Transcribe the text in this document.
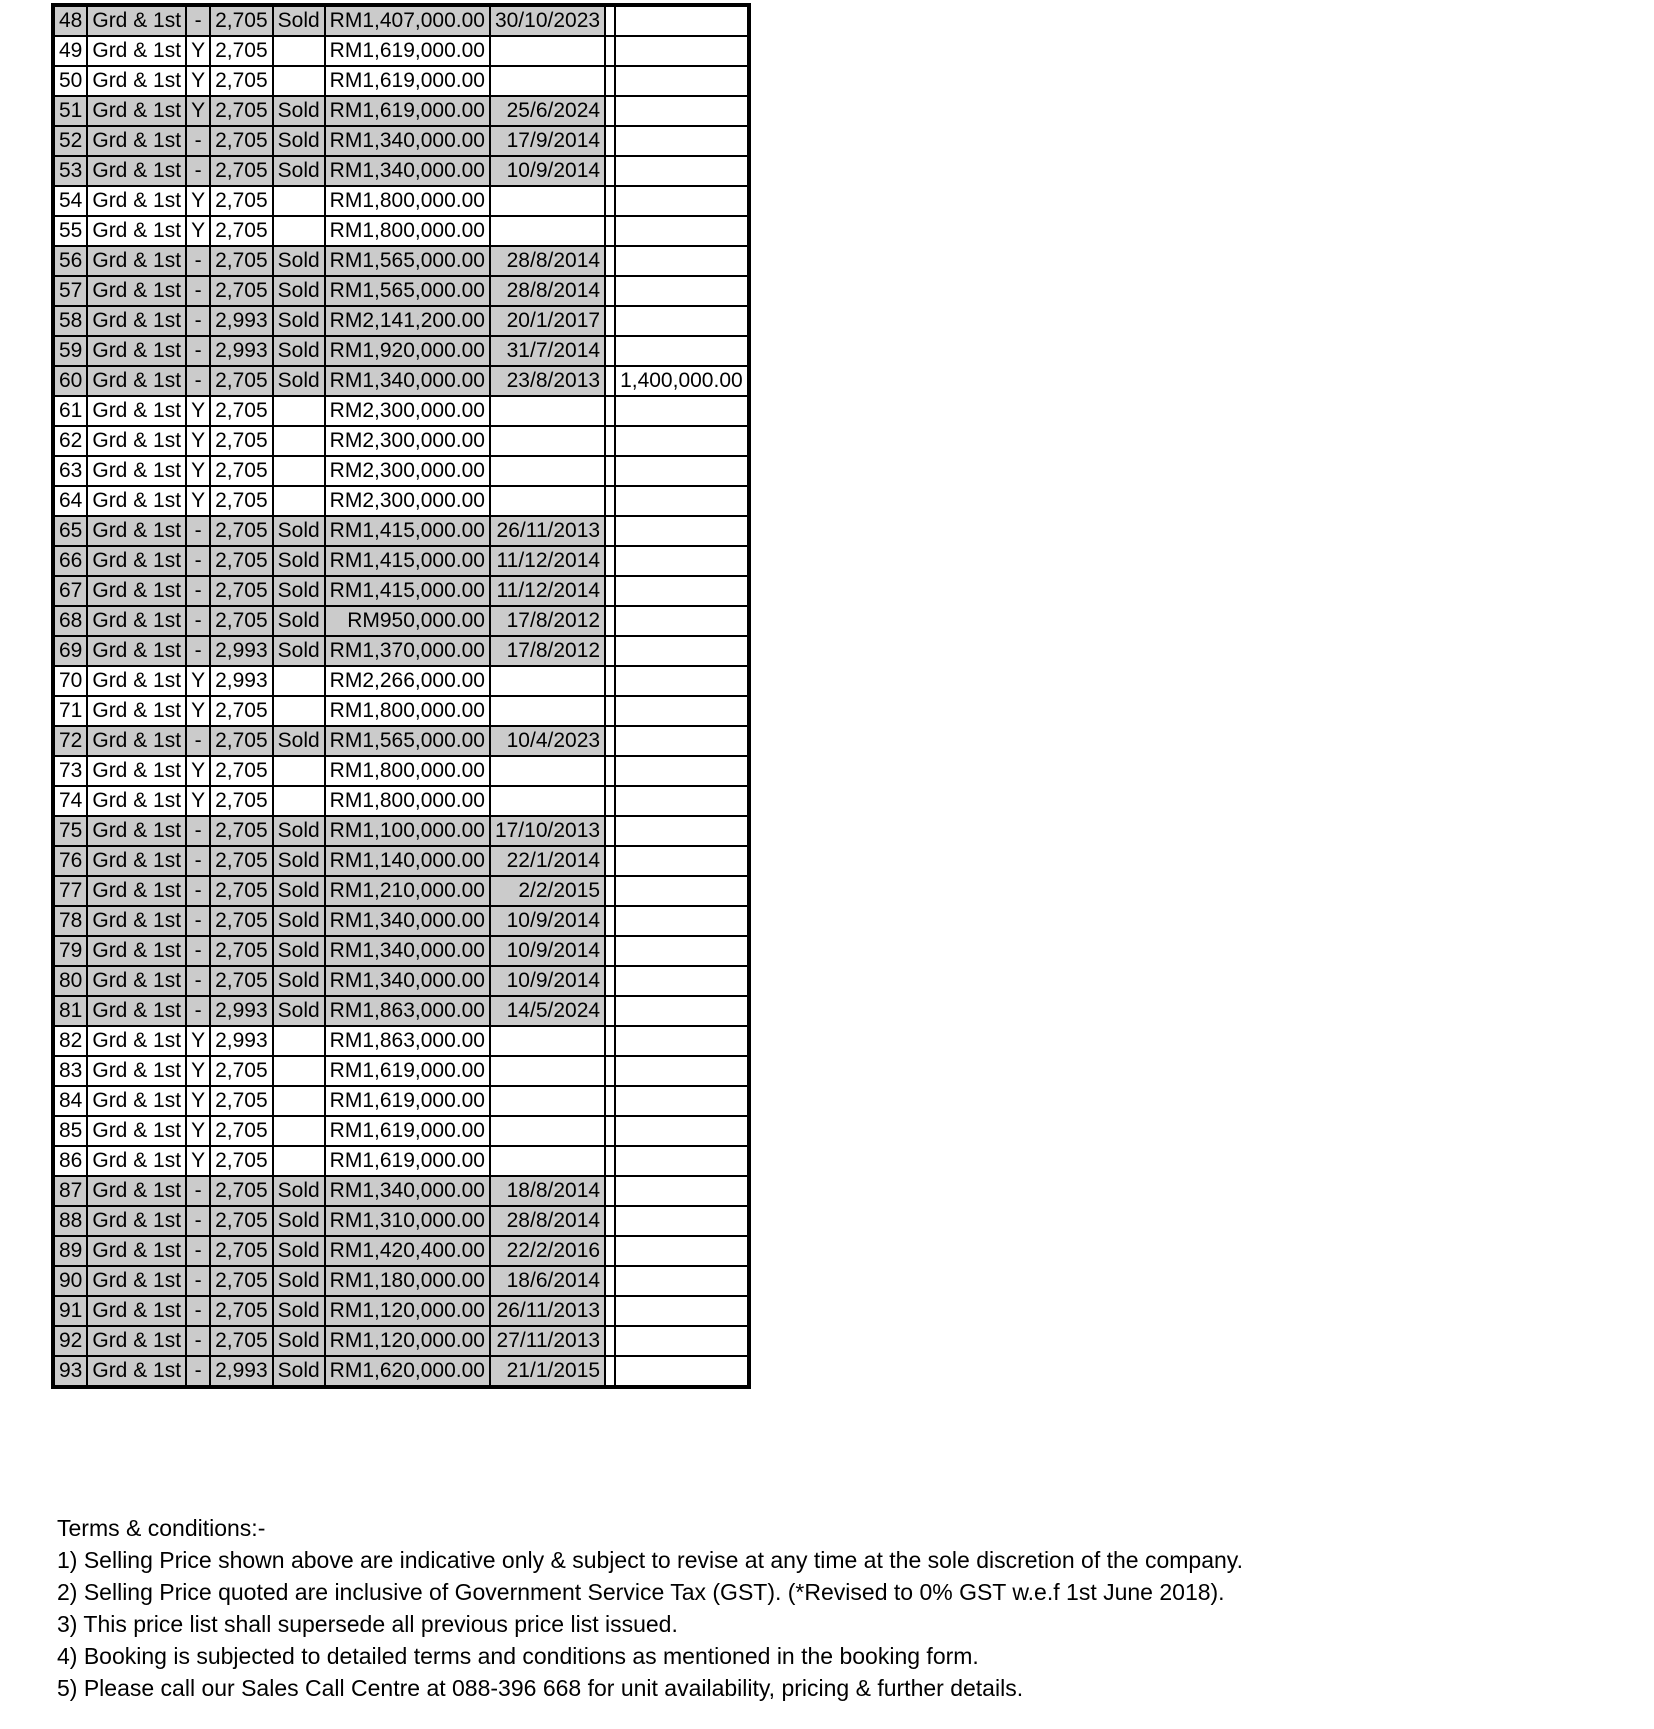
48	Grd & 1st	-	2,705	Sold	RM1,407,000.00	30/10/2023		
49	Grd & 1st	Y	2,705		RM1,619,000.00			
50	Grd & 1st	Y	2,705		RM1,619,000.00			
51	Grd & 1st	Y	2,705	Sold	RM1,619,000.00	25/6/2024		
52	Grd & 1st	-	2,705	Sold	RM1,340,000.00	17/9/2014		
53	Grd & 1st	-	2,705	Sold	RM1,340,000.00	10/9/2014		
54	Grd & 1st	Y	2,705		RM1,800,000.00			
55	Grd & 1st	Y	2,705		RM1,800,000.00			
56	Grd & 1st	-	2,705	Sold	RM1,565,000.00	28/8/2014		
57	Grd & 1st	-	2,705	Sold	RM1,565,000.00	28/8/2014		
58	Grd & 1st	-	2,993	Sold	RM2,141,200.00	20/1/2017		
59	Grd & 1st	-	2,993	Sold	RM1,920,000.00	31/7/2014		
60	Grd & 1st	-	2,705	Sold	RM1,340,000.00	23/8/2013		1,400,000.00
61	Grd & 1st	Y	2,705		RM2,300,000.00			
62	Grd & 1st	Y	2,705		RM2,300,000.00			
63	Grd & 1st	Y	2,705		RM2,300,000.00			
64	Grd & 1st	Y	2,705		RM2,300,000.00			
65	Grd & 1st	-	2,705	Sold	RM1,415,000.00	26/11/2013		
66	Grd & 1st	-	2,705	Sold	RM1,415,000.00	11/12/2014		
67	Grd & 1st	-	2,705	Sold	RM1,415,000.00	11/12/2014		
68	Grd & 1st	-	2,705	Sold	RM950,000.00	17/8/2012		
69	Grd & 1st	-	2,993	Sold	RM1,370,000.00	17/8/2012		
70	Grd & 1st	Y	2,993		RM2,266,000.00			
71	Grd & 1st	Y	2,705		RM1,800,000.00			
72	Grd & 1st	-	2,705	Sold	RM1,565,000.00	10/4/2023		
73	Grd & 1st	Y	2,705		RM1,800,000.00			
74	Grd & 1st	Y	2,705		RM1,800,000.00			
75	Grd & 1st	-	2,705	Sold	RM1,100,000.00	17/10/2013		
76	Grd & 1st	-	2,705	Sold	RM1,140,000.00	22/1/2014		
77	Grd & 1st	-	2,705	Sold	RM1,210,000.00	2/2/2015		
78	Grd & 1st	-	2,705	Sold	RM1,340,000.00	10/9/2014		
79	Grd & 1st	-	2,705	Sold	RM1,340,000.00	10/9/2014		
80	Grd & 1st	-	2,705	Sold	RM1,340,000.00	10/9/2014		
81	Grd & 1st	-	2,993	Sold	RM1,863,000.00	14/5/2024		
82	Grd & 1st	Y	2,993		RM1,863,000.00			
83	Grd & 1st	Y	2,705		RM1,619,000.00			
84	Grd & 1st	Y	2,705		RM1,619,000.00			
85	Grd & 1st	Y	2,705		RM1,619,000.00			
86	Grd & 1st	Y	2,705		RM1,619,000.00			
87	Grd & 1st	-	2,705	Sold	RM1,340,000.00	18/8/2014		
88	Grd & 1st	-	2,705	Sold	RM1,310,000.00	28/8/2014		
89	Grd & 1st	-	2,705	Sold	RM1,420,400.00	22/2/2016		
90	Grd & 1st	-	2,705	Sold	RM1,180,000.00	18/6/2014		
91	Grd & 1st	-	2,705	Sold	RM1,120,000.00	26/11/2013		
92	Grd & 1st	-	2,705	Sold	RM1,120,000.00	27/11/2013		
93	Grd & 1st	-	2,993	Sold	RM1,620,000.00	21/1/2015		
Terms & conditions:-
1) Selling Price shown above are indicative only & subject to revise at any time at the sole discretion of the company.
2) Selling Price quoted are inclusive of Government Service Tax (GST). (*Revised to 0% GST w.e.f 1st June 2018).
3) This price list shall supersede all previous price list issued.
4) Booking is subjected to detailed terms and conditions as mentioned in the booking form.
5) Please call our Sales Call Centre at 088-396 668 for unit availability, pricing & further details.
